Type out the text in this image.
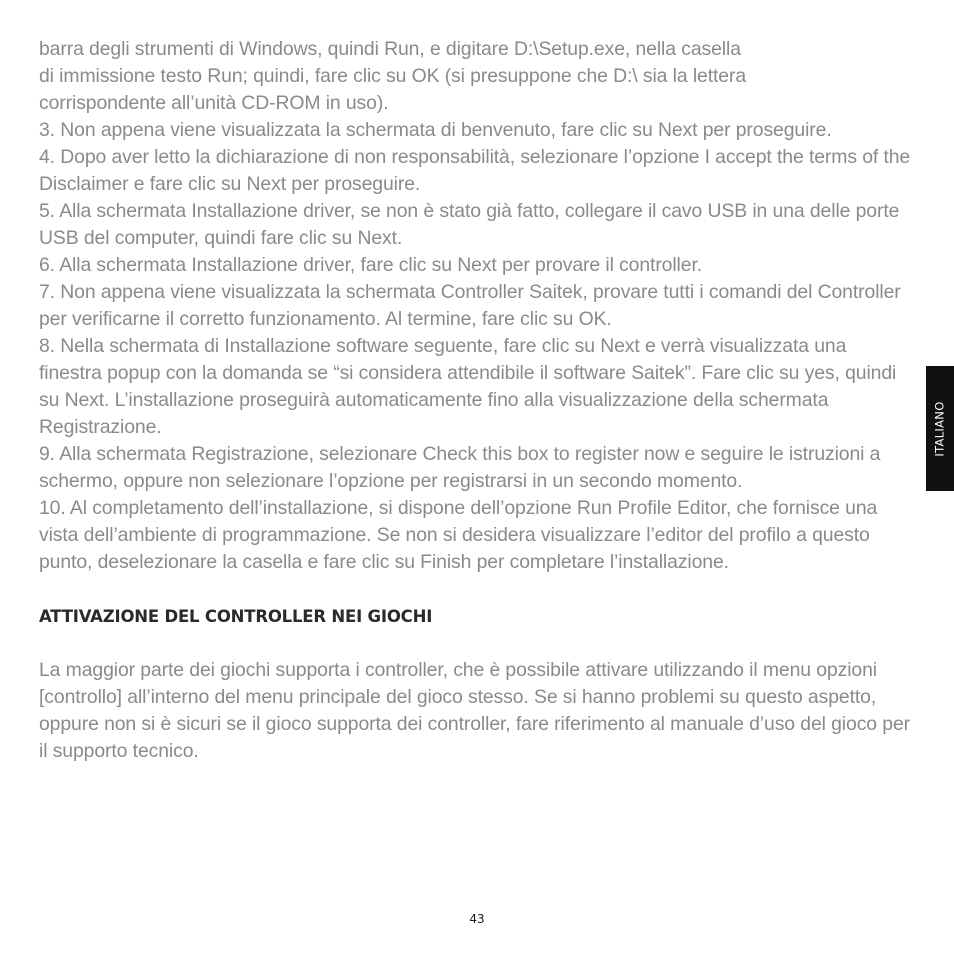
barra degli strumenti di Windows, quindi Run, e digitare D:\Setup.exe, nella casella
di immissione testo Run; quindi, fare clic su OK (si presuppone che D:\ sia la lettera
corrispondente all’unità CD-ROM in uso).

3. Non appena viene visualizzata la schermata di benvenuto, fare clic su Next per proseguire.

4. Dopo aver letto la dichiarazione di non responsabilità, selezionare l’opzione I accept the terms of the Disclaimer e fare clic su Next per proseguire.

5. Alla schermata Installazione driver, se non è stato già fatto, collegare il cavo USB in una delle porte USB del computer, quindi fare clic su Next.

6. Alla schermata Installazione driver, fare clic su Next per provare il controller.

7. Non appena viene visualizzata la schermata Controller Saitek, provare tutti i comandi del Controller per verificarne il corretto funzionamento. Al termine, fare clic su OK.

8. Nella schermata di Installazione software seguente, fare clic su Next e verrà visualizzata una finestra popup con la domanda se “si considera attendibile il software Saitek”. Fare clic su yes, quindi su Next. L’installazione proseguirà automaticamente fino alla visualizzazione della schermata Registrazione.

9. Alla schermata Registrazione, selezionare Check this box to register now e seguire le istruzioni a schermo, oppure non selezionare l’opzione per registrarsi in un secondo momento.

10. Al completamento dell’installazione, si dispone dell’opzione Run Profile Editor, che fornisce una vista dell’ambiente di programmazione. Se non si desidera visualizzare l’editor del profilo a questo punto, deselezionare la casella e fare clic su Finish per completare l’installazione.

ATTIVAZIONE DEL CONTROLLER NEI GIOCHI

La maggior parte dei giochi supporta i controller, che è possibile attivare utilizzando il menu opzioni [controllo] all’interno del menu principale del gioco stesso. Se si hanno problemi su questo aspetto, oppure non si è sicuri se il gioco supporta dei controller, fare riferimento al manuale d’uso del gioco per il supporto tecnico.

ITALIANO
43
